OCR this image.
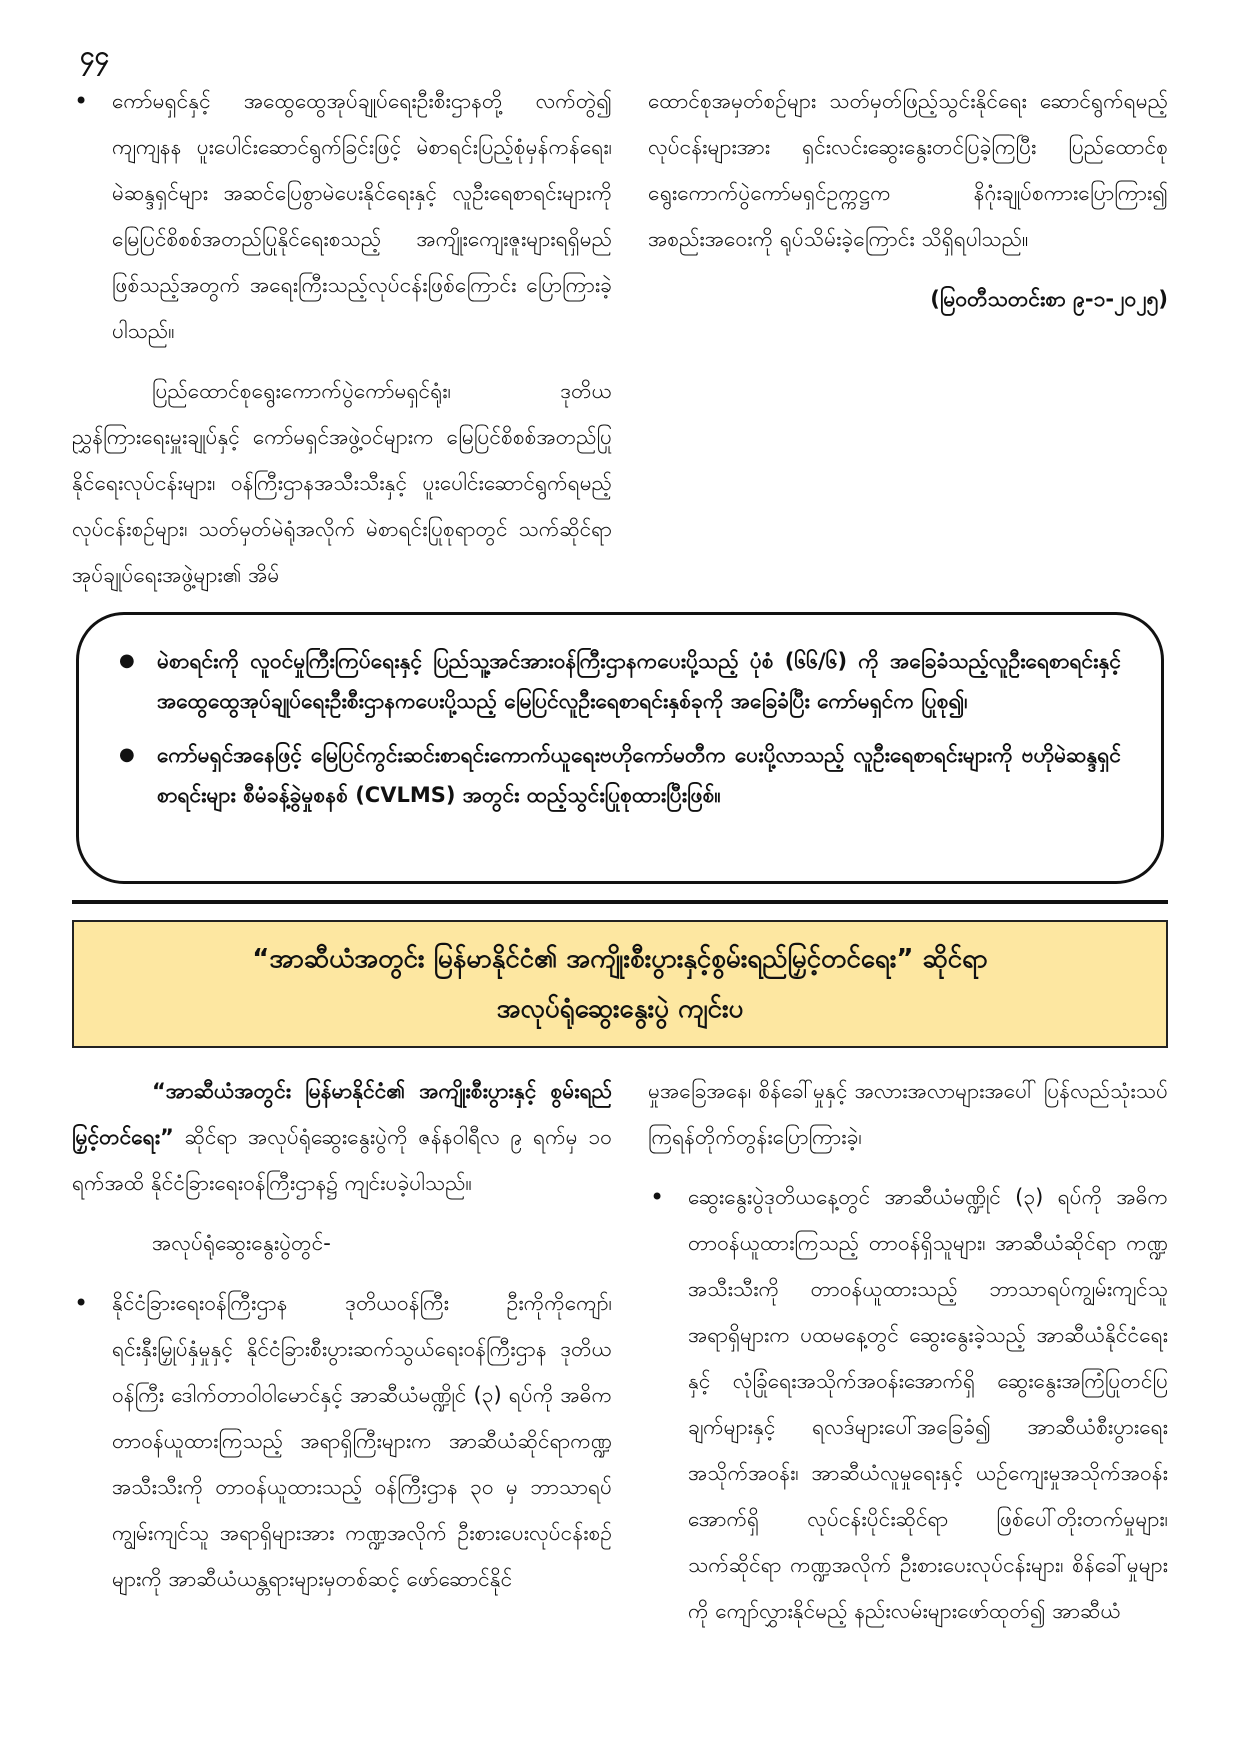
၄၄

• ကော်မရှင်နှင့် အထွေထွေအုပ်ချုပ်ရေးဦးစီးဌာနတို့ လက်တွဲ၍ ကျကျနန ပူးပေါင်းဆောင်ရွက်ခြင်းဖြင့် မဲစာရင်းပြည့်စုံမှန်ကန်ရေး၊ မဲဆန္ဒရှင်များ အဆင်ပြေစွာမဲပေးနိုင်ရေးနှင့် လူဦးရေစာရင်းများကို မြေပြင်စိစစ်အတည်ပြုနိုင်ရေးစသည့် အကျိုးကျေးဇူးများရရှိမည် ဖြစ်သည့်အတွက် အရေးကြီးသည့်လုပ်ငန်းဖြစ်ကြောင်း ပြောကြားခဲ့ပါသည်။

ပြည်ထောင်စုရွေးကောက်ပွဲကော်မရှင်ရုံး၊ ဒုတိယ ညွှန်ကြားရေးမှူးချုပ်နှင့် ကော်မရှင်အဖွဲ့ဝင်များက မြေပြင်စိစစ်အတည်ပြုနိုင်ရေးလုပ်ငန်းများ၊ ဝန်ကြီးဌာနအသီးသီးနှင့် ပူးပေါင်းဆောင်ရွက်ရမည့်လုပ်ငန်းစဉ်များ၊ သတ်မှတ်မဲရုံအလိုက် မဲစာရင်းပြုစုရာတွင် သက်ဆိုင်ရာအုပ်ချုပ်ရေးအဖွဲ့များ၏ အိမ်

ထောင်စုအမှတ်စဉ်များ သတ်မှတ်ဖြည့်သွင်းနိုင်ရေး ဆောင်ရွက်ရမည့်လုပ်ငန်းများအား ရှင်းလင်းဆွေးနွေးတင်ပြခဲ့ကြပြီး ပြည်ထောင်စုရွေးကောက်ပွဲကော်မရှင်ဥက္ကဋ္ဌက နိဂုံးချုပ်စကားပြောကြား၍ အစည်းအဝေးကို ရုပ်သိမ်းခဲ့ကြောင်း သိရှိရပါသည်။

(မြဝတီသတင်းစာ ၉-၁-၂၀၂၅)

● မဲစာရင်းကို လူဝင်မှုကြီးကြပ်ရေးနှင့် ပြည်သူ့အင်အားဝန်ကြီးဌာနကပေးပို့သည့် ပုံစံ (၆၆/၆) ကို အခြေခံသည့်လူဦးရေစာရင်းနှင့် အထွေထွေအုပ်ချုပ်ရေးဦးစီးဌာနကပေးပို့သည့် မြေပြင်လူဦးရေစာရင်းနှစ်ခုကို အခြေခံပြီး ကော်မရှင်က ပြုစု၍၊
● ကော်မရှင်အနေဖြင့် မြေပြင်ကွင်းဆင်းစာရင်းကောက်ယူရေးဗဟိုကော်မတီက ပေးပို့လာသည့် လူဦးရေစာရင်းများကို ဗဟိုမဲဆန္ဒရှင်စာရင်းများ စီမံခန့်ခွဲမှုစနစ် (CVLMS) အတွင်း ထည့်သွင်းပြုစုထားပြီးဖြစ်။
“အာဆီယံအတွင်း မြန်မာနိုင်ငံ၏ အကျိုးစီးပွားနှင့်စွမ်းရည်မြှင့်တင်ရေး” ဆိုင်ရာ
အလုပ်ရုံဆွေးနွေးပွဲ ကျင်းပ

“အာဆီယံအတွင်း မြန်မာနိုင်ငံ၏ အကျိုးစီးပွားနှင့် စွမ်းရည်မြှင့်တင်ရေး” ဆိုင်ရာ အလုပ်ရုံဆွေးနွေးပွဲကို ဇန်နဝါရီလ ၉ ရက်မှ ၁၀ ရက်အထိ နိုင်ငံခြားရေးဝန်ကြီးဌာန၌ ကျင်းပခဲ့ပါသည်။

အလုပ်ရုံဆွေးနွေးပွဲတွင်-

• နိုင်ငံခြားရေးဝန်ကြီးဌာန ဒုတိယဝန်ကြီး ဦးကိုကိုကျော်၊ ရင်းနှီးမြှုပ်နှံမှုနှင့် နိုင်ငံခြားစီးပွားဆက်သွယ်ရေးဝန်ကြီးဌာန ဒုတိယဝန်ကြီး ဒေါက်တာဝါဝါမောင်နှင့် အာဆီယံမဏ္ဍိုင် (၃) ရပ်ကို အဓိကတာဝန်ယူထားကြသည့် အရာရှိကြီးများက အာဆီယံဆိုင်ရာကဏ္ဍအသီးသီးကို တာဝန်ယူထားသည့် ဝန်ကြီးဌာန ၃၀ မှ ဘာသာရပ်ကျွမ်းကျင်သူ အရာရှိများအား ကဏ္ဍအလိုက် ဦးစားပေးလုပ်ငန်းစဉ်များကို အာဆီယံယန္တရားများမှတစ်ဆင့် ဖော်ဆောင်နိုင်

မှုအခြေအနေ၊ စိန်ခေါ်မှုနှင့် အလားအလာများအပေါ် ပြန်လည်သုံးသပ်ကြရန်တိုက်တွန်းပြောကြားခဲ့၊

• ဆွေးနွေးပွဲဒုတိယနေ့တွင် အာဆီယံမဏ္ဍိုင် (၃) ရပ်ကို အဓိကတာဝန်ယူထားကြသည့် တာဝန်ရှိသူများ၊ အာဆီယံဆိုင်ရာ ကဏ္ဍအသီးသီးကို တာဝန်ယူထားသည့် ဘာသာရပ်ကျွမ်းကျင်သူအရာရှိများက ပထမနေ့တွင် ဆွေးနွေးခဲ့သည့် အာဆီယံနိုင်ငံရေးနှင့် လုံခြုံရေးအသိုက်အဝန်းအောက်ရှိ ဆွေးနွေးအကြံပြုတင်ပြချက်များနှင့် ရလဒ်များပေါ်အခြေခံ၍ အာဆီယံစီးပွားရေးအသိုက်အဝန်း၊ အာဆီယံလူမှုရေးနှင့် ယဉ်ကျေးမှုအသိုက်အဝန်းအောက်ရှိ လုပ်ငန်းပိုင်းဆိုင်ရာ ဖြစ်ပေါ်တိုးတက်မှုများ၊ သက်ဆိုင်ရာ ကဏ္ဍအလိုက် ဦးစားပေးလုပ်ငန်းများ၊ စိန်ခေါ်မှုများကို ကျော်လွှားနိုင်မည့် နည်းလမ်းများဖော်ထုတ်၍ အာဆီယံ
